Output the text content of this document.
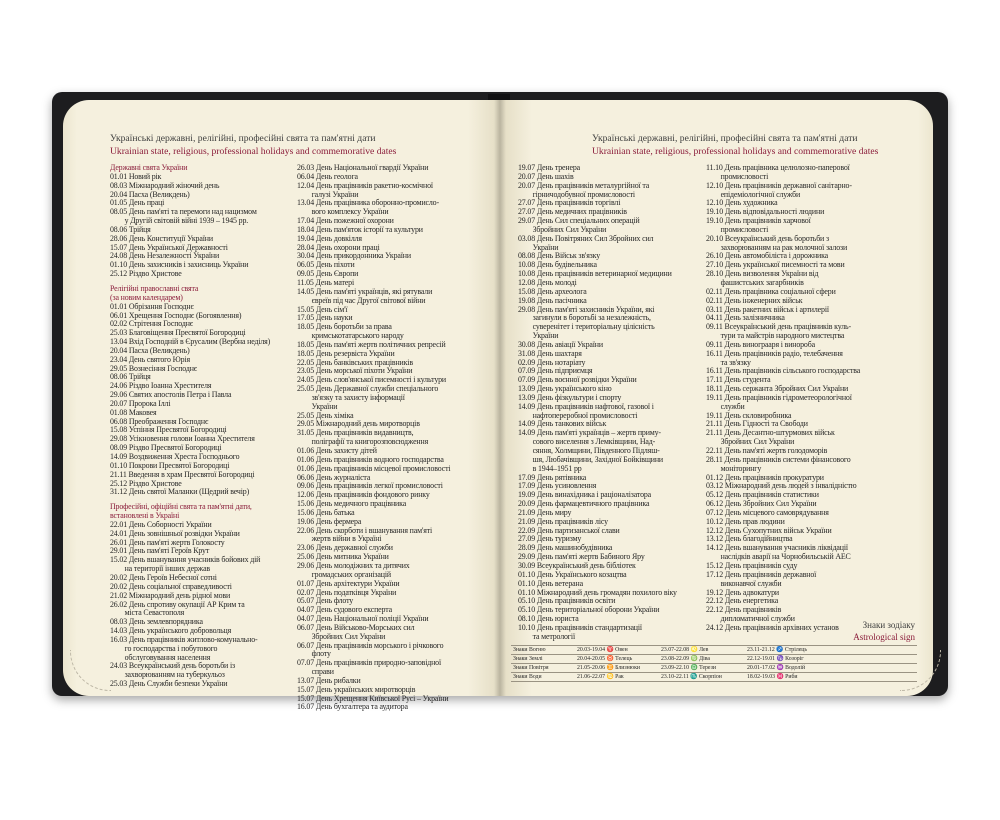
Українські державні, релігійні, професійні свята та пам'ятні дати
Ukrainian state, religious, professional holidays and commemorative dates
Державні свята України
01.01 Новий рік
08.03 Міжнародний жіночий день
20.04 Пасха (Великдень)
01.05 День праці
08.05 День пам'яті та перемоги над нацизмом
у Другій світовій війні 1939 – 1945 рр.
08.06 Трійця
28.06 День Конституції України
15.07 День Української Державності
24.08 День Незалежності України
01.10 День захисників і захисниць України
25.12 Різдво Христове
Релігійні православні свята
(за новим календарем)
01.01 Обрізання Господнє
06.01 Хрещення Господнє (Богоявлення)
02.02 Стрітення Господнє
25.03 Благовіщення Пресвятої Богородиці
13.04 Вхід Господній в Єрусалим (Вербна неділя)
20.04 Пасха (Великдень)
23.04 День святого Юрія
29.05 Вознесіння Господнє
08.06 Трійця
24.06 Різдво Іоанна Хрестителя
29.06 Святих апостолів Петра і Павла
20.07 Пророка Іллі
01.08 Маковея
06.08 Преображення Господнє
15.08 Успіння Пресвятої Богородиці
29.08 Усікновення голови Іоанна Хрестителя
08.09 Різдво Пресвятої Богородиці
14.09 Воздвиження Хреста Господнього
01.10 Покрови Пресвятої Богородиці
21.11 Введення в храм Пресвятої Богородиці
25.12 Різдво Христове
31.12 День святої Маланки (Щедрий вечір)
Професійні, офіційні свята та пам'ятні дати,
встановлені в Україні
22.01 День Соборності України
24.01 День зовнішньої розвідки України
26.01 День пам'яті жертв Голокосту
29.01 День пам'яті Героїв Крут
15.02 День вшанування учасників бойових дій
на території інших держав
20.02 День Героїв Небесної сотні
20.02 День соціальної справедливості
21.02 Міжнародний день рідної мови
26.02 День спротиву окупації АР Крим та
міста Севастополя
08.03 День землевпорядника
14.03 День українського добровольця
16.03 День працівників житлово-комунально-
го господарства і побутового
обслуговування населення
24.03 Всеукраїнський день боротьби із
захворюванням на туберкульоз
25.03 День Служби безпеки України
26.03 День Національної гвардії України
06.04 День геолога
12.04 День працівників ракетно-космічної
галузі України
13.04 День працівника оборонно-промисло-
вого комплексу України
17.04 День пожежної охорони
18.04 День пам'яток історії та культури
19.04 День довкілля
28.04 День охорони праці
30.04 День прикордонника України
06.05 День піхоти
09.05 День Європи
11.05 День матері
14.05 День пам'яті українців, які рятували
євреїв під час Другої світової війни
15.05 День сім'ї
17.05 День науки
18.05 День боротьби за права
кримськотатарського народу
18.05 День пам'яті жертв політичних репресій
18.05 День резервіста України
22.05 День банківських працівників
23.05 День морської піхоти України
24.05 День слов'янської писемності і культури
25.05 День Державної служби спеціального
зв'язку та захисту інформації
України
25.05 День хіміка
29.05 Міжнародний день миротворців
31.05 День працівників видавництв,
поліграфії та книгорозповсюдження
01.06 День захисту дітей
01.06 День працівників водного господарства
01.06 День працівників місцевої промисловості
06.06 День журналіста
09.06 День працівників легкої промисловості
12.06 День працівників фондового ринку
15.06 День медичного працівника
15.06 День батька
19.06 День фермера
22.06 День скорботи і вшанування пам'яті
жертв війни в Україні
23.06 День державної служби
25.06 День митника України
29.06 День молодіжних та дитячих
громадських організацій
01.07 День архітектури України
02.07 День податківця України
05.07 День флоту
04.07 День судового експерта
04.07 День Національної поліції України
06.07 День Військово-Морських сил
Збройних Сил України
06.07 День працівників морського і річкового
флоту
07.07 День працівників природно-заповідної
справи
13.07 День рибалки
15.07 День українських миротворців
15.07 День Хрещення Київської Русі – України
16.07 День бухгалтера та аудитора
Українські державні, релігійні, професійні свята та пам'ятні дати
Ukrainian state, religious, professional holidays and commemorative dates
19.07 День тренера
20.07 День шахів
20.07 День працівників металургійної та
гірничодобувної промисловості
27.07 День працівників торгівлі
27.07 День медичних працівників
29.07 День Сил спеціальних операцій
Збройних Сил України
03.08 День Повітряних Сил Збройних сил
України
08.08 День Військ зв'язку
10.08 День будівельника
10.08 День працівників ветеринарної медицини
12.08 День молоді
15.08 День археолога
19.08 День пасічника
29.08 День пам'яті захисників України, які
загинули в боротьбі за незалежність,
суверенітет і територіальну цілісність
України
30.08 День авіації України
31.08 День шахтаря
02.09 День нотаріату
07.09 День підприємця
07.09 День воєнної розвідки України
13.09 День українського кіно
13.09 День фізкультури і спорту
14.09 День працівників нафтової, газової і
нафтопереробної промисловості
14.09 День танкових військ
14.09 День пам'яті українців – жертв приму-
сового виселення з Лемківщини, Над-
сяння, Холмщини, Південного Підляш-
шя, Любачівщини, Західної Бойківщини
в 1944–1951 рр
17.09 День рятівника
17.09 День усиновлення
19.09 День винахідника і раціоналізатора
20.09 День фармацевтичного працівника
21.09 День миру
21.09 День працівників лісу
22.09 День партизанської слави
27.09 День туризму
28.09 День машинобудівника
29.09 День пам'яті жертв Бабиного Яру
30.09 Всеукраїнський день бібліотек
01.10 День Українського козацтва
01.10 День ветерана
01.10 Міжнародний день громадян похилого віку
05.10 День працівників освіти
05.10 День територіальної оборони України
08.10 День юриста
10.10 День працівників стандартизації
та метрології
11.10 День працівника целюлозно-паперової
промисловості
12.10 День працівників державної санітарно-
епідеміологічної служби
12.10 День художника
19.10 День відповідальності людини
19.10 День працівників харчової
промисловості
20.10 Всеукраїнський день боротьби з
захворюванням на рак молочної залози
26.10 День автомобіліста і дорожника
27.10 День української писемності та мови
28.10 День визволення України від
фашистських загарбників
02.11 День працівника соціальної сфери
02.11 День інженерних військ
03.11 День ракетних військ і артилерії
04.11 День залізничника
09.11 Всеукраїнський день працівників куль-
тури та майстрів народного мистецтва
09.11 День винограаря і винороба
16.11 День працівників радіо, телебачення
та зв'язку
16.11 День працівників сільського господарства
17.11 День студента
18.11 День сержанта Збройних Сил України
19.11 День працівників гідрометеорологічної
служби
19.11 День скловиробника
21.11 День Гідності та Свободи
21.11 День Десантно-штурмових військ
Збройних Сил України
22.11 День пам'яті жертв голодоморів
28.11 День працівників системи фінансового
моніторингу
01.12 День працівників прокуратури
03.12 Міжнародний день людей з інвалідністю
05.12 День працівників статистики
06.12 День Збройних Сил України
07.12 День місцевого самоврядування
10.12 День прав людини
12.12 День Сухопутних військ України
13.12 День благодійництва
14.12 День вшанування учасників ліквідації
наслідків аварії на Чорнобильській АЕС
15.12 День працівників суду
17.12 День працівників державної
виконавчої служби
19.12 День адвокатури
22.12 День енергетика
22.12 День працівників
дипломатичної служби
24.12 День працівників архівних установ	Знаки зодіаку
Astrological sign
Знаки Вогню	20.03-19.04 ♈ Овен	23.07-22.08 ♌ Лев	23.11-21.12 ♐ Стрілець
Знаки Землі	20.04-20.05 ♉ Телець	23.08-22.09 ♍ Діва	22.12-19.01 ♑ Козоріг
Знаки Повітря	21.05-20.06 ♊ Близнюки	23.09-22.10 ♎ Терези	20.01-17.02 ♒ Водолій
Знаки Води	21.06-22.07 ♋ Рак	23.10-22.11 ♏ Скорпіон	18.02-19.03 ♓ Риби
